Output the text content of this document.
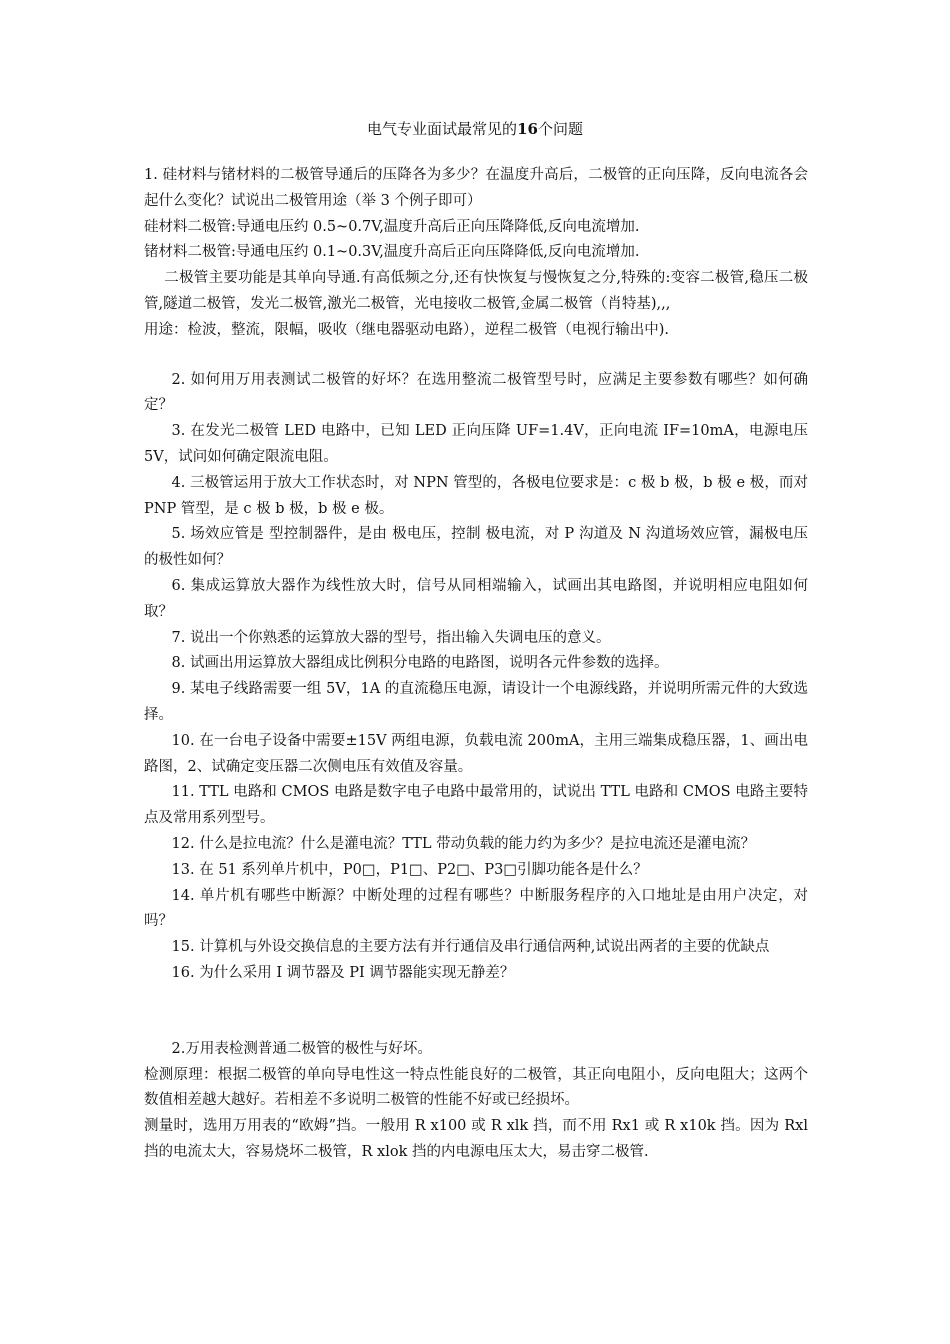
电气专业面试最常见的16个问题

1. 硅材料与锗材料的二极管导通后的压降各为多少？在温度升高后，二极管的正向压降，反向电流各会起什么变化？试说出二极管用途（举 3 个例子即可）

硅材料二极管:导通电压约 0.5~0.7V,温度升高后正向压降降低,反向电流增加.

锗材料二极管:导通电压约 0.1~0.3V,温度升高后正向压降降低,反向电流增加.

二极管主要功能是其单向导通.有高低频之分,还有快恢复与慢恢复之分,特殊的:变容二极管,稳压二极管,隧道二极管，发光二极管,激光二极管，光电接收二极管,金属二极管（肖特基),,,

用途：检波，整流，限幅，吸收（继电器驱动电路），逆程二极管（电视行输出中).

2. 如何用万用表测试二极管的好坏？在选用整流二极管型号时，应满足主要参数有哪些？如何确定？

3. 在发光二极管 LED 电路中，已知 LED 正向压降 UF=1.4V，正向电流 IF=10mA，电源电压 5V，试问如何确定限流电阻。

4. 三极管运用于放大工作状态时，对 NPN 管型的，各极电位要求是：c 极 b 极，b 极 e 极，而对 PNP 管型，是 c 极 b 极，b 极 e 极。

5. 场效应管是 型控制器件，是由 极电压，控制 极电流，对 P 沟道及 N 沟道场效应管，漏极电压的极性如何？

6. 集成运算放大器作为线性放大时，信号从同相端输入，试画出其电路图，并说明相应电阻如何取？

7. 说出一个你熟悉的运算放大器的型号，指出输入失调电压的意义。

8. 试画出用运算放大器组成比例积分电路的电路图，说明各元件参数的选择。

9. 某电子线路需要一组 5V，1A 的直流稳压电源，请设计一个电源线路，并说明所需元件的大致选择。

10. 在一台电子设备中需要±15V 两组电源，负载电流 200mA，主用三端集成稳压器，1、画出电路图，2、试确定变压器二次侧电压有效值及容量。

11. TTL 电路和 CMOS 电路是数字电子电路中最常用的，试说出 TTL 电路和 CMOS 电路主要特点及常用系列型号。

12. 什么是拉电流？什么是灌电流？TTL 带动负载的能力约为多少？是拉电流还是灌电流？

13. 在 51 系列单片机中，P0□，P1□、P2□、P3□引脚功能各是什么？

14. 单片机有哪些中断源？中断处理的过程有哪些？中断服务程序的入口地址是由用户决定，对吗？

15. 计算机与外设交换信息的主要方法有并行通信及串行通信两种,试说出两者的主要的优缺点

16. 为什么采用 I 调节器及 PI 调节器能实现无静差？

2.万用表检测普通二极管的极性与好坏。

检测原理：根据二极管的单向导电性这一特点性能良好的二极管，其正向电阻小，反向电阻大；这两个数值相差越大越好。若相差不多说明二极管的性能不好或已经损坏。

测量时，选用万用表的“欧姆”挡。一般用 R x100 或 R xlk 挡，而不用 Rx1 或 R x10k 挡。因为 Rxl 挡的电流太大，容易烧坏二极管，R xlok 挡的内电源电压太大，易击穿二极管.
